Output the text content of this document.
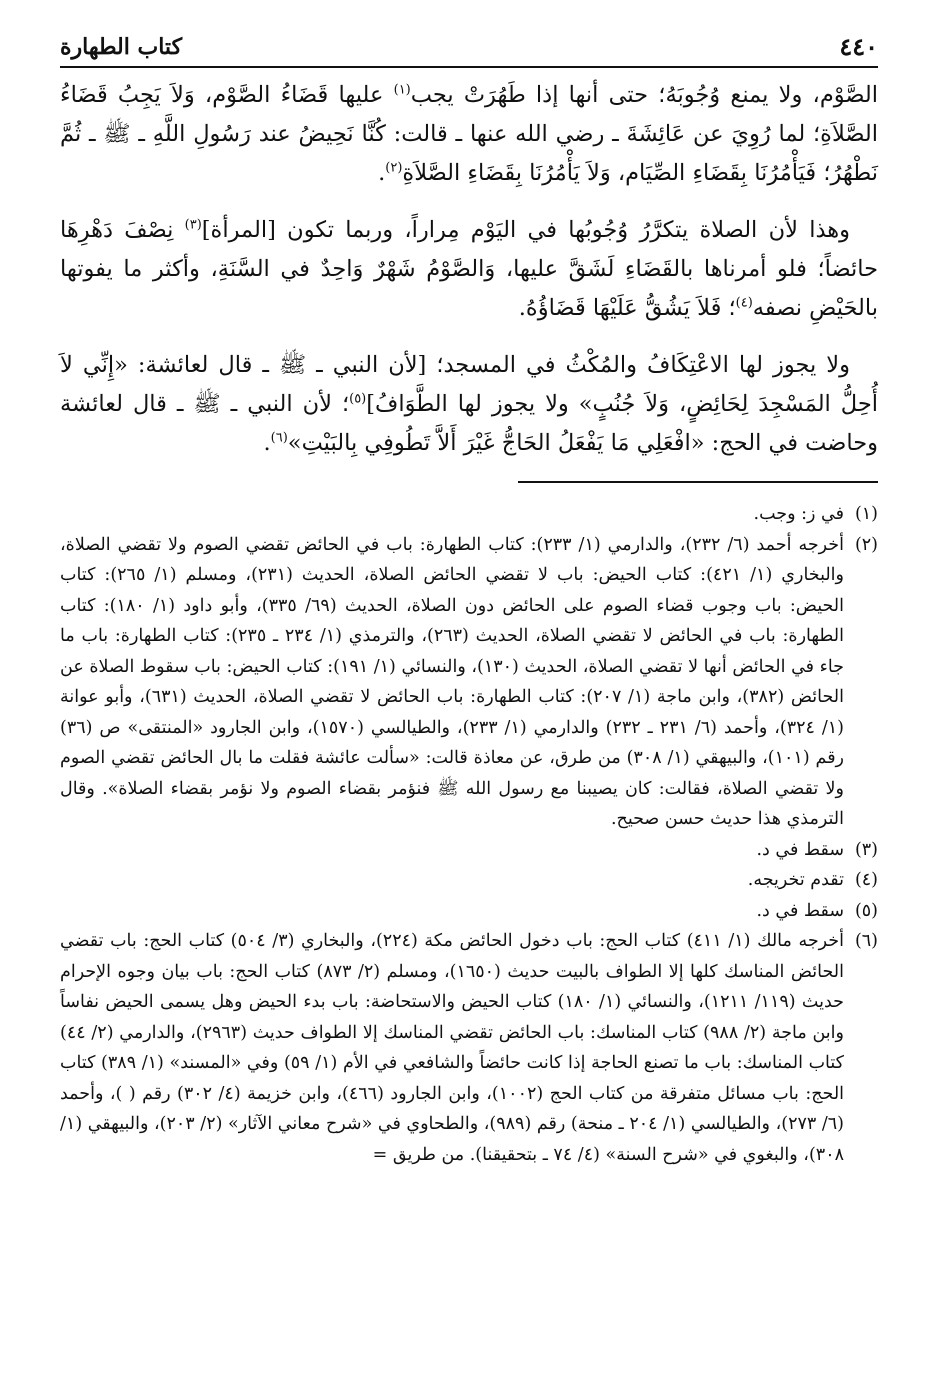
٤٤٠
كتاب الطهارة

الصَّوْم، ولا يمنع وُجُوبَهُ؛ حتى أنها إذا طَهُرَتْ يجب$^{(١)}$ عليها قَضَاءُ الصَّوْم، وَلاَ يَجِبُ قَضَاءُ الصَّلاَةِ؛ لما رُوِيَ عن عَائِشَةَ ـ رضي الله عنها ـ قالت: كُنَّا نَحِيضُ عند رَسُولِ اللَّهِ ـ ﷺ ـ ثُمَّ نَطْهُرُ؛ فَيَأْمُرُنَا بِقَضَاءِ الصِّيَام، وَلاَ يَأْمُرُنَا بِقَضَاءِ الصَّلاَةِ$^{(٢)}$.

وهذا لأن الصلاة يتكرَّرُ وُجُوبُها في اليَوْم مِراراً، وربما تكون [المرأة]$^{(٣)}$ نِصْفَ دَهْرِهَا حائضاً؛ فلو أمرناها بالقَضَاءِ لَشَقَّ عليها، وَالصَّوْمُ شَهْرٌ وَاحِدٌ في السَّنَةِ، وأكثر ما يفوتها بالحَيْضِ نصفه$^{(٤)}$؛ فَلاَ يَشُقُّ عَلَيْهَا قَضَاؤُهُ.

ولا يجوز لها الاعْتِكَافُ والمُكْثُ في المسجد؛ [لأن النبي ـ ﷺ ـ قال لعائشة: «إِنِّي لاَ أُحِلُّ المَسْجِدَ لِحَائِضٍ، وَلاَ جُنُبٍ» ولا يجوز لها الطَّوَافُ]$^{(٥)}$؛ لأن النبي ـ ﷺ ـ قال لعائشة وحاضت في الحج: «افْعَلِي مَا يَفْعَلُ الحَاجُّ غَيْرَ أَلاَّ تَطُوفِي بِالبَيْتِ»$^{(٦)}$.

(١)
في ز: وجب.
(٢)
أخرجه أحمد (٦/ ٢٣٢)، والدارمي (١/ ٢٣٣): كتاب الطهارة: باب في الحائض تقضي الصوم ولا تقضي الصلاة، والبخاري (١/ ٤٢١): كتاب الحيض: باب لا تقضي الحائض الصلاة، الحديث (٢٣١)، ومسلم (١/ ٢٦٥): كتاب الحيض: باب وجوب قضاء الصوم على الحائض دون الصلاة، الحديث (٦٩/ ٣٣٥)، وأبو داود (١/ ١٨٠): كتاب الطهارة: باب في الحائض لا تقضي الصلاة، الحديث (٢٦٣)، والترمذي (١/ ٢٣٤ ـ ٢٣٥): كتاب الطهارة: باب ما جاء في الحائض أنها لا تقضي الصلاة، الحديث (١٣٠)، والنسائي (١/ ١٩١): كتاب الحيض: باب سقوط الصلاة عن الحائض (٣٨٢)، وابن ماجة (١/ ٢٠٧): كتاب الطهارة: باب الحائض لا تقضي الصلاة، الحديث (٦٣١)، وأبو عوانة (١/ ٣٢٤)، وأحمد (٦/ ٢٣١ ـ ٢٣٢) والدارمي (١/ ٢٣٣)، والطيالسي (١٥٧٠)، وابن الجارود «المنتقى» ص (٣٦) رقم (١٠١)، والبيهقي (١/ ٣٠٨) من طرق، عن معاذة قالت: «سألت عائشة فقلت ما بال الحائض تقضي الصوم ولا تقضي الصلاة، فقالت: كان يصيبنا مع رسول الله ﷺ فنؤمر بقضاء الصوم ولا نؤمر بقضاء الصلاة». وقال الترمذي هذا حديث حسن صحيح.
(٣)
سقط في د.
(٤)
تقدم تخريجه.
(٥)
سقط في د.
(٦)
أخرجه مالك (١/ ٤١١) كتاب الحج: باب دخول الحائض مكة (٢٢٤)، والبخاري (٣/ ٥٠٤) كتاب الحج: باب تقضي الحائض المناسك كلها إلا الطواف بالبيت حديث (١٦٥٠)، ومسلم (٢/ ٨٧٣) كتاب الحج: باب بيان وجوه الإحرام حديث (١١٩/ ١٢١١)، والنسائي (١/ ١٨٠) كتاب الحيض والاستحاضة: باب بدء الحيض وهل يسمى الحيض نفاساً وابن ماجة (٢/ ٩٨٨) كتاب المناسك: باب الحائض تقضي المناسك إلا الطواف حديث (٢٩٦٣)، والدارمي (٢/ ٤٤) كتاب المناسك: باب ما تصنع الحاجة إذا كانت حائضاً والشافعي في الأم (١/ ٥٩) وفي «المسند» (١/ ٣٨٩) كتاب الحج: باب مسائل متفرقة من كتاب الحج (١٠٠٢)، وابن الجارود (٤٦٦)، وابن خزيمة (٤/ ٣٠٢) رقم ( )، وأحمد (٦/ ٢٧٣)، والطيالسي (١/ ٢٠٤ ـ منحة) رقم (٩٨٩)، والطحاوي في «شرح معاني الآثار» (٢/ ٢٠٣)، والبيهقي (١/ ٣٠٨)، والبغوي في «شرح السنة» (٤/ ٧٤ ـ بتحقيقنا). من طريق =
